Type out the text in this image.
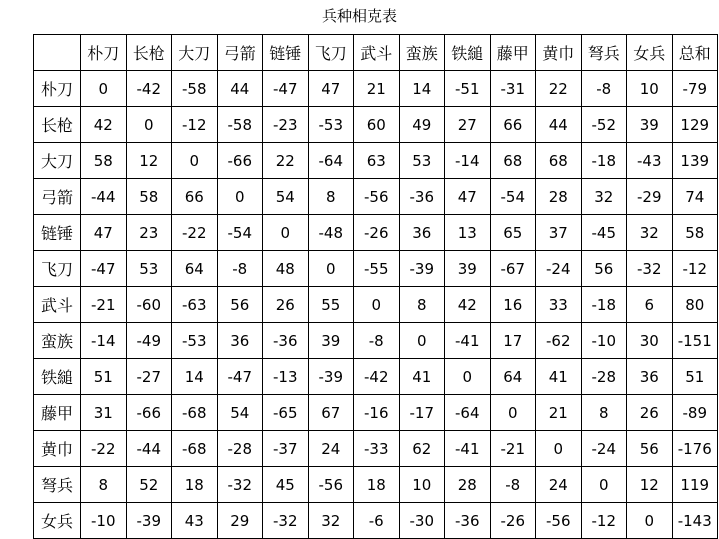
兵种相克表
	朴刀	长枪	大刀	弓箭	链锤	飞刀	武斗	蛮族	铁縋	藤甲	黄巾	弩兵	女兵	总和
朴刀	0	-42	-58	44	-47	47	21	14	-51	-31	22	-8	10	-79
长枪	42	0	-12	-58	-23	-53	60	49	27	66	44	-52	39	129
大刀	58	12	0	-66	22	-64	63	53	-14	68	68	-18	-43	139
弓箭	-44	58	66	0	54	8	-56	-36	47	-54	28	32	-29	74
链锤	47	23	-22	-54	0	-48	-26	36	13	65	37	-45	32	58
飞刀	-47	53	64	-8	48	0	-55	-39	39	-67	-24	56	-32	-12
武斗	-21	-60	-63	56	26	55	0	8	42	16	33	-18	6	80
蛮族	-14	-49	-53	36	-36	39	-8	0	-41	17	-62	-10	30	-151
铁縋	51	-27	14	-47	-13	-39	-42	41	0	64	41	-28	36	51
藤甲	31	-66	-68	54	-65	67	-16	-17	-64	0	21	8	26	-89
黄巾	-22	-44	-68	-28	-37	24	-33	62	-41	-21	0	-24	56	-176
弩兵	8	52	18	-32	45	-56	18	10	28	-8	24	0	12	119
女兵	-10	-39	43	29	-32	32	-6	-30	-36	-26	-56	-12	0	-143
